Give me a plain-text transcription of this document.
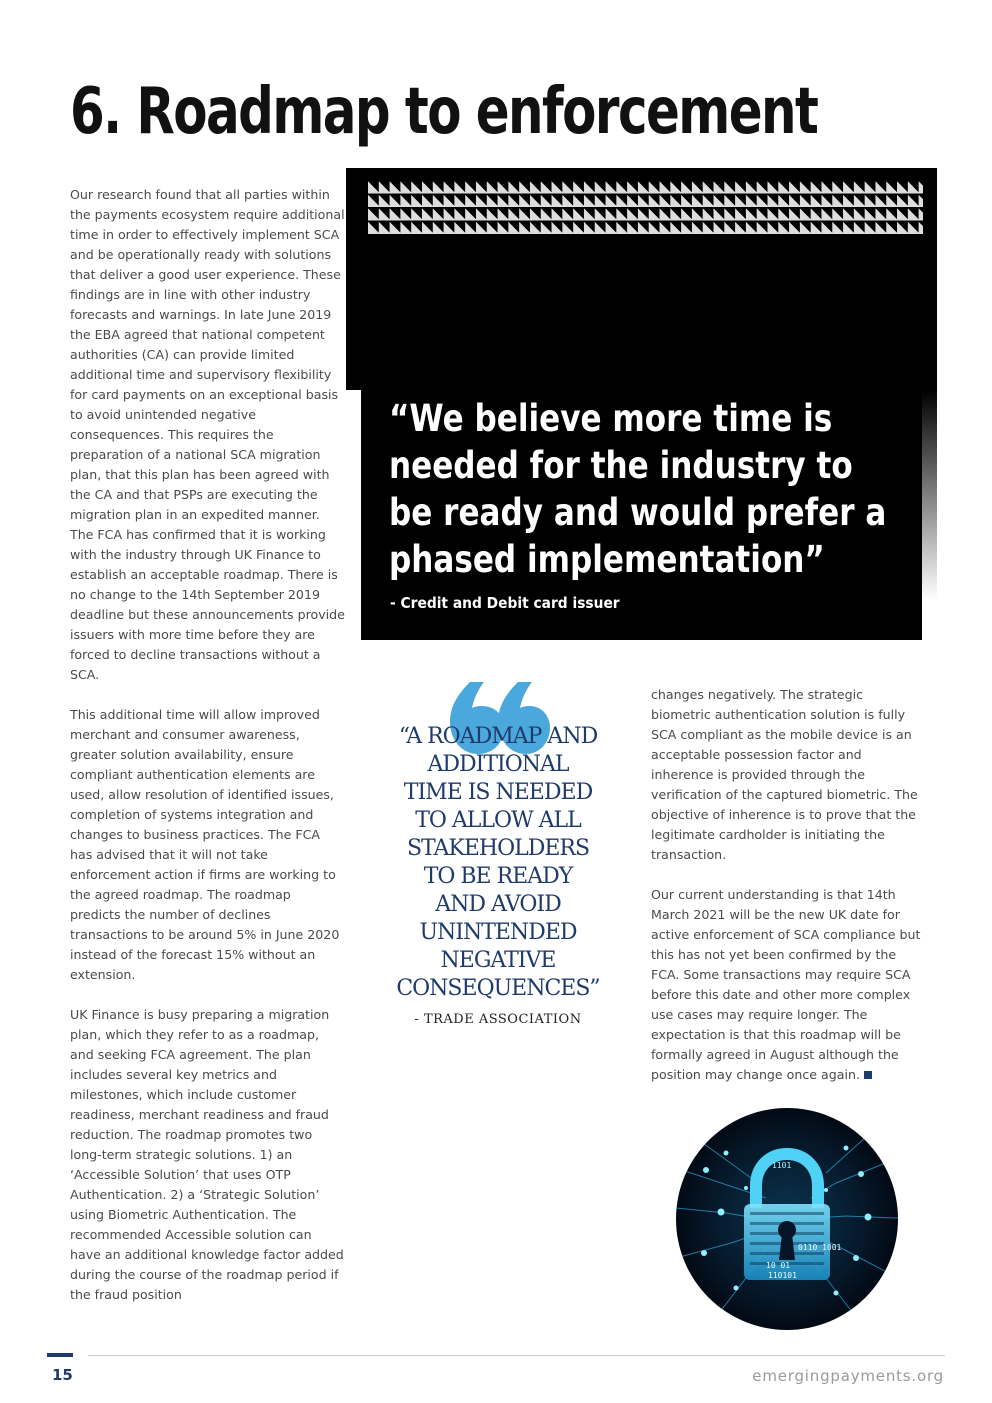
6. Roadmap to enforcement

Our research found that all parties within the payments ecosystem require additional time in order to effectively implement SCA and be operationally ready with solutions that deliver a good user experience. These findings are in line with other industry forecasts and warnings. In late June 2019 the EBA agreed that national competent authorities (CA) can provide limited additional time and supervisory flexibility for card payments on an exceptional basis to avoid unintended negative consequences. This requires the preparation of a national SCA migration plan, that this plan has been agreed with the CA and that PSPs are executing the migration plan in an expedited manner. The FCA has confirmed that it is working with the industry through UK Finance to establish an acceptable roadmap. There is no change to the 14th September 2019 deadline but these announcements provide issuers with more time before they are forced to decline transactions without a SCA.

This additional time will allow improved merchant and consumer awareness, greater solution availability, ensure compliant authentication elements are used, allow resolution of identified issues, completion of systems integration and changes to business practices. The FCA has advised that it will not take enforcement action if firms are working to the agreed roadmap. The roadmap predicts the number of declines transactions to be around 5% in June 2020 instead of the forecast 15% without an extension.

UK Finance is busy preparing a migration plan, which they refer to as a roadmap, and seeking FCA agreement. The plan includes several key metrics and milestones, which include customer readiness, merchant readiness and fraud reduction. The roadmap promotes two long-term strategic solutions. 1) an ‘Accessible Solution’ that uses OTP Authentication. 2) a ‘Strategic Solution’ using Biometric Authentication. The recommended Accessible solution can have an additional knowledge factor added during the course of the roadmap period if the fraud position

“We believe more time is
needed for the industry to
be ready and would prefer a
phased implementation”

- Credit and Debit card issuer

“A ROADMAP AND
ADDITIONAL
TIME IS NEEDED
TO ALLOW ALL
STAKEHOLDERS
TO BE READY
AND AVOID
UNINTENDED
NEGATIVE
CONSEQUENCES”

- TRADE ASSOCIATION

changes negatively. The strategic biometric authentication solution is fully SCA compliant as the mobile device is an acceptable possession factor and inherence is provided through the verification of the captured biometric. The objective of inherence is to prove that the legitimate cardholder is initiating the transaction.

Our current understanding is that 14th March 2021 will be the new UK date for active enforcement of SCA compliance but this has not yet been confirmed by the FCA. Some transactions may require SCA before this date and other more complex use cases may require longer. The expectation is that this roadmap will be formally agreed in August although the position may change once again.

1101
0110 1001
10 01
110101

15	emergingpayments.org
